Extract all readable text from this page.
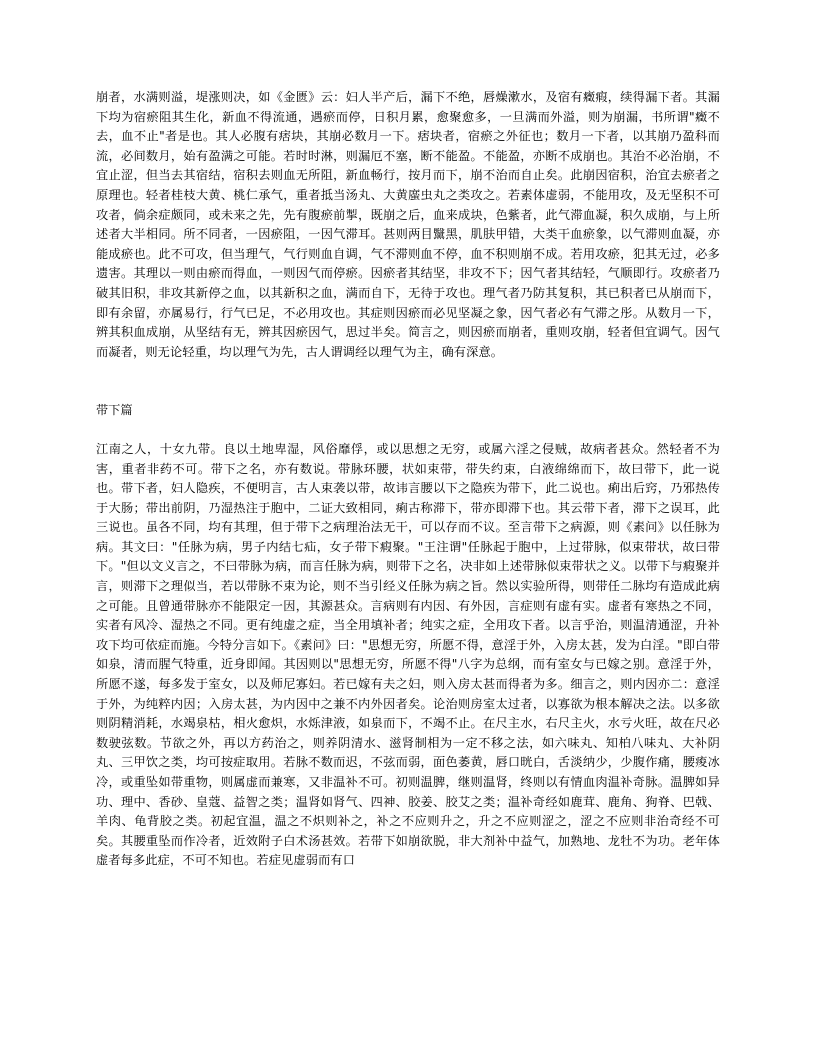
崩者，水满则溢，堤涨则决，如《金匮》云：妇人半产后，漏下不绝，唇燥漱水，及宿有癥瘕，续得漏下者。其漏下均为宿瘀阻其生化，新血不得流通，遇瘀而停，日积月累，愈聚愈多，一旦满而外溢，则为崩漏，书所谓"癥不去，血不止"者是也。其人必腹有痞块，其崩必数月一下。痞块者，宿瘀之外征也；数月一下者，以其崩乃盈科而流，必间数月，始有盈满之可能。若时时淋，则漏厄不塞，断不能盈。不能盈，亦断不成崩也。其治不必治崩，不宜止涩，但当去其宿结，宿积去则血无所阻，新血畅行，按月而下，崩不治而自止矣。此崩因宿积，治宜去瘀者之原理也。轻者桂枝大黄、桃仁承气，重者抵当汤丸、大黄䗪虫丸之类攻之。若素体虚弱，不能用攻，及无坚积不可攻者，倘余症颇同，或未来之先，先有腹瘀前掣，既崩之后，血来成块，色紫者，此气滞血凝，积久成崩，与上所述者大半相同。所不同者，一因瘀阻，一因气滞耳。甚则两目黳黑，肌肤甲错，大类干血瘀象，以气滞则血凝，亦能成瘀也。此不可攻，但当理气，气行则血自调，气不滞则血不停，血不积则崩不成。若用攻瘀，犯其无过，必多遗害。其理以一则由瘀而得血，一则因气而停瘀。因瘀者其结坚，非攻不下；因气者其结轻，气顺即行。攻瘀者乃破其旧积，非攻其新停之血，以其新积之血，满而自下，无待于攻也。理气者乃防其复积，其已积者已从崩而下，即有余留，亦属易行，行气已足，不必用攻也。其症则因瘀而必见坚凝之象，因气者必有气滞之彤。从数月一下，辨其积血成崩，从坚结有无，辨其因瘀因气，思过半矣。简言之，则因瘀而崩者，重则攻崩，轻者但宜调气。因气而凝者，则无论轻重，均以理气为先，古人谓调经以理气为主，确有深意。

带下篇

江南之人，十女九带。良以土地卑湿，风俗靡俘，或以思想之无穷，或属六淫之侵贼，故病者甚众。然轻者不为害，重者非药不可。带下之名，亦有数说。带脉环腰，状如束带，带失约束，白液绵绵而下，故曰带下，此一说也。带下者，妇人隐疾，不便明言，古人束袭以带，故讳言腰以下之隐疾为带下，此二说也。痢出后窍，乃邪热传于大肠；带出前阴，乃湿热注于胞中，二证大致相同，痢古称滞下，带亦即滞下也。其云带下者，滞下之误耳，此三说也。虽各不同，均有其理，但于带下之病理治法无干，可以存而不议。至言带下之病源，则《素问》以任脉为病。其文曰："任脉为病，男子内结七疝，女子带下瘕聚。"王注谓"任脉起于胞中，上过带脉，似束带状，故曰带下。"但以文义言之，不曰带脉为病，而言任脉为病，则带下之名，决非如上述带脉似束带状之义。以带下与瘕聚并言，则滞下之理似当，若以带脉不束为论，则不当引经义任脉为病之旨。然以实验所得，则带任二脉均有造成此病之可能。且曾通带脉亦不能限定一因，其源甚众。言病则有内因、有外因，言症则有虚有实。虚者有寒热之不同，实者有风冷、湿热之不同。更有纯虚之症，当全用填补者；纯实之症，全用攻下者。以言乎治，则温清通涩，升补攻下均可依症而施。今特分言如下。《素问》曰："思想无穷，所愿不得，意淫于外，入房太甚，发为白淫。"即白带如泉，清而腥气特重，近身即闻。其因则以"思想无穷，所愿不得"八字为总纲，而有室女与已嫁之别。意淫于外，所愿不遂，每多发于室女，以及师尼寡妇。若已嫁有夫之妇，则入房太甚而得者为多。细言之，则内因亦二：意淫于外，为纯粹内因；入房太甚，为内因中之兼不内外因者矣。论治则房室太过者，以寡欲为根本解决之法。以多欲则阴精消耗，水竭泉枯，相火愈炽，水烁津液，如泉而下，不竭不止。在尺主水，右尺主火，水亏火旺，故在尺必数驶弦数。节欲之外，再以方药治之，则养阴清水、滋肾制相为一定不移之法，如六味丸、知柏八味丸、大补阴丸、三甲饮之类，均可按症取用。若脉不数而迟，不弦而弱，面色萎黄，唇口晄白，舌淡纳少，少腹作痛，腰痠冰冷，或重坠如带重物，则属虚而兼寒，又非温补不可。初则温脾，继则温肾，终则以有情血肉温补奇脉。温脾如异功、理中、香砂、皇蔻、益智之类；温肾如肾气、四神、胶姜、胶艾之类；温补奇经如鹿茸、鹿角、狗脊、巴戟、羊肉、龟背胶之类。初起宜温，温之不炽则补之，补之不应则升之，升之不应则涩之，涩之不应则非治奇经不可矣。其腰重坠而作冷者，近效附子白术汤甚效。若带下如崩欲脱，非大剂补中益气，加熟地、龙牡不为功。老年体虚者每多此症，不可不知也。若症见虚弱而有口
